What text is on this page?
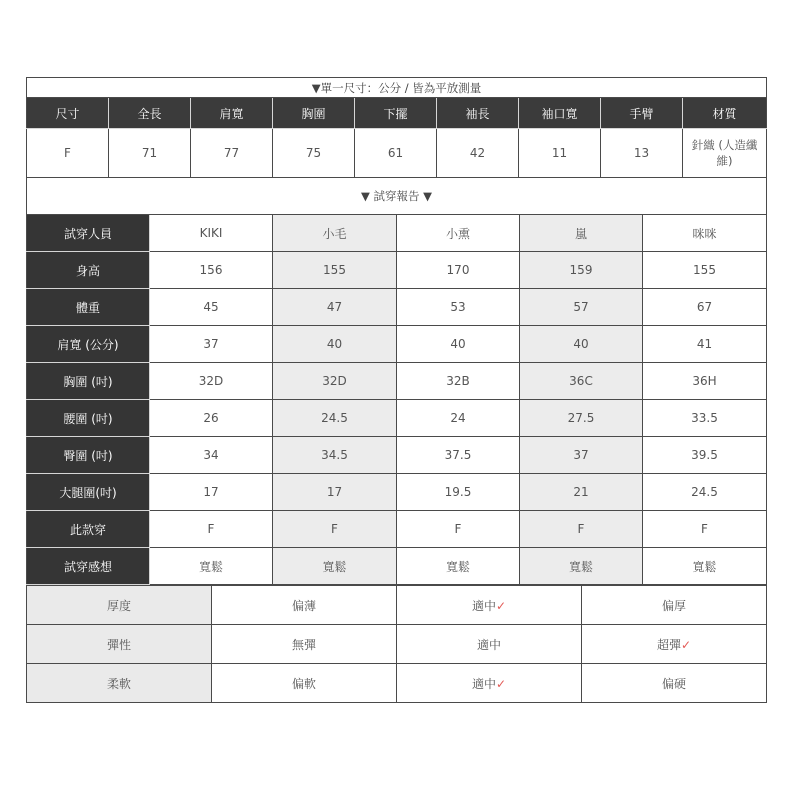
▼單一尺寸：公分 / 皆為平放測量								
尺寸	全長	肩寬	胸圍	下擺	袖長	袖口寬	手臂	材質
F	71	77	75	61	42	11	13	針織 (人造纖維)
▼ 試穿報告 ▼					
試穿人員	KIKI	小毛	小熏	嵐	咪咪
身高	156	155	170	159	155
體重	45	47	53	57	67
肩寬 (公分)	37	40	40	40	41
胸圍 (吋)	32D	32D	32B	36C	36H
腰圍 (吋)	26	24.5	24	27.5	33.5
臀圍 (吋)	34	34.5	37.5	37	39.5
大腿圍(吋)	17	17	19.5	21	24.5
此款穿	F	F	F	F	F
試穿感想	寬鬆	寬鬆	寬鬆	寬鬆	寬鬆
厚度	偏薄	適中✓	偏厚
彈性	無彈	適中	超彈✓
柔軟	偏軟	適中✓	偏硬
